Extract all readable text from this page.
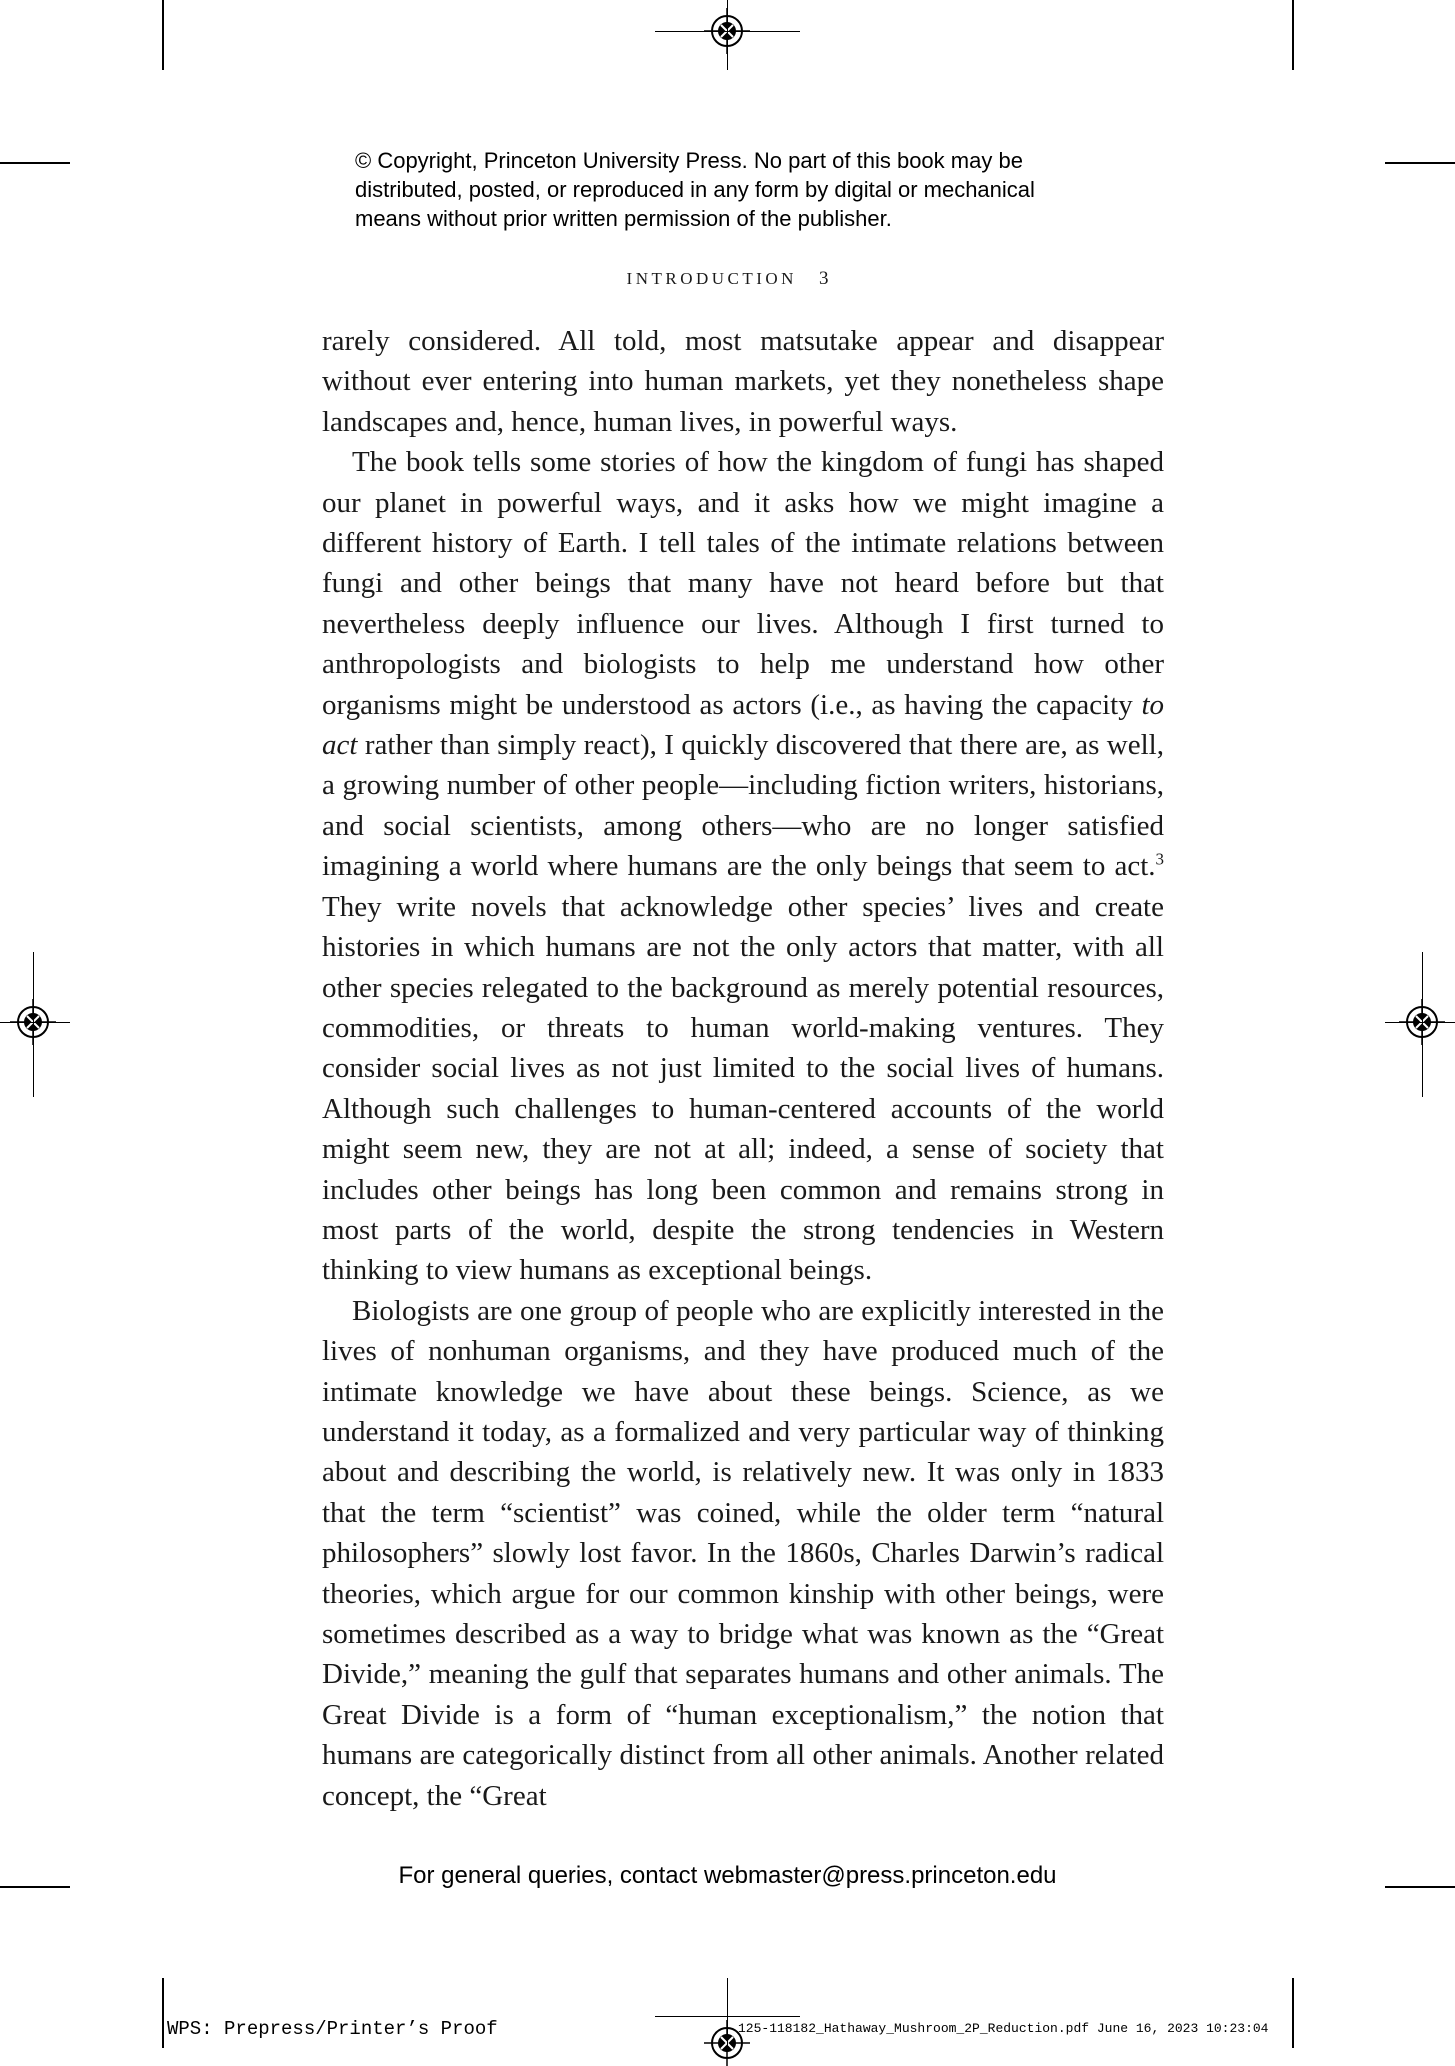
© Copyright, Princeton University Press. No part of this book may be
distributed, posted, or reproduced in any form by digital or mechanical
means without prior written permission of the publisher.
INTRODUCTION 3

rarely considered. All told, most matsutake appear and disappear without ever entering into human markets, yet they nonetheless shape landscapes and, hence, human lives, in powerful ways.

The book tells some stories of how the kingdom of fungi has shaped our planet in powerful ways, and it asks how we might imagine a different history of Earth. I tell tales of the intimate relations between fungi and other beings that many have not heard before but that nevertheless deeply influence our lives. Although I first turned to anthropologists and biologists to help me understand how other organisms might be understood as actors (i.e., as having the capacity to act rather than simply react), I quickly discovered that there are, as well, a growing number of other people—including fiction writers, historians, and social scientists, among others—who are no longer satisfied imagining a world where humans are the only beings that seem to act.$^3$ They write novels that acknowledge other species’ lives and create histories in which humans are not the only actors that matter, with all other species relegated to the background as merely potential resources, commodities, or threats to human world-making ventures. They consider social lives as not just limited to the social lives of humans. Although such challenges to human-centered accounts of the world might seem new, they are not at all; indeed, a sense of society that includes other beings has long been common and remains strong in most parts of the world, despite the strong tendencies in Western thinking to view humans as exceptional beings.

Biologists are one group of people who are explicitly interested in the lives of nonhuman organisms, and they have produced much of the intimate knowledge we have about these beings. Science, as we understand it today, as a formalized and very particular way of thinking about and describing the world, is relatively new. It was only in 1833 that the term “scientist” was coined, while the older term “natural philosophers” slowly lost favor. In the 1860s, Charles Darwin’s radical theories, which argue for our common kinship with other beings, were sometimes described as a way to bridge what was known as the “Great Divide,” meaning the gulf that separates humans and other animals. The Great Divide is a form of “human exceptionalism,” the notion that humans are categorically distinct from all other animals. Another related concept, the “Great

For general queries, contact webmaster@press.princeton.edu
WPS: Prepress/Printer’s Proof	125-118182_Hathaway_Mushroom_2P_Reduction.pdf June 16, 2023 10:23:04
